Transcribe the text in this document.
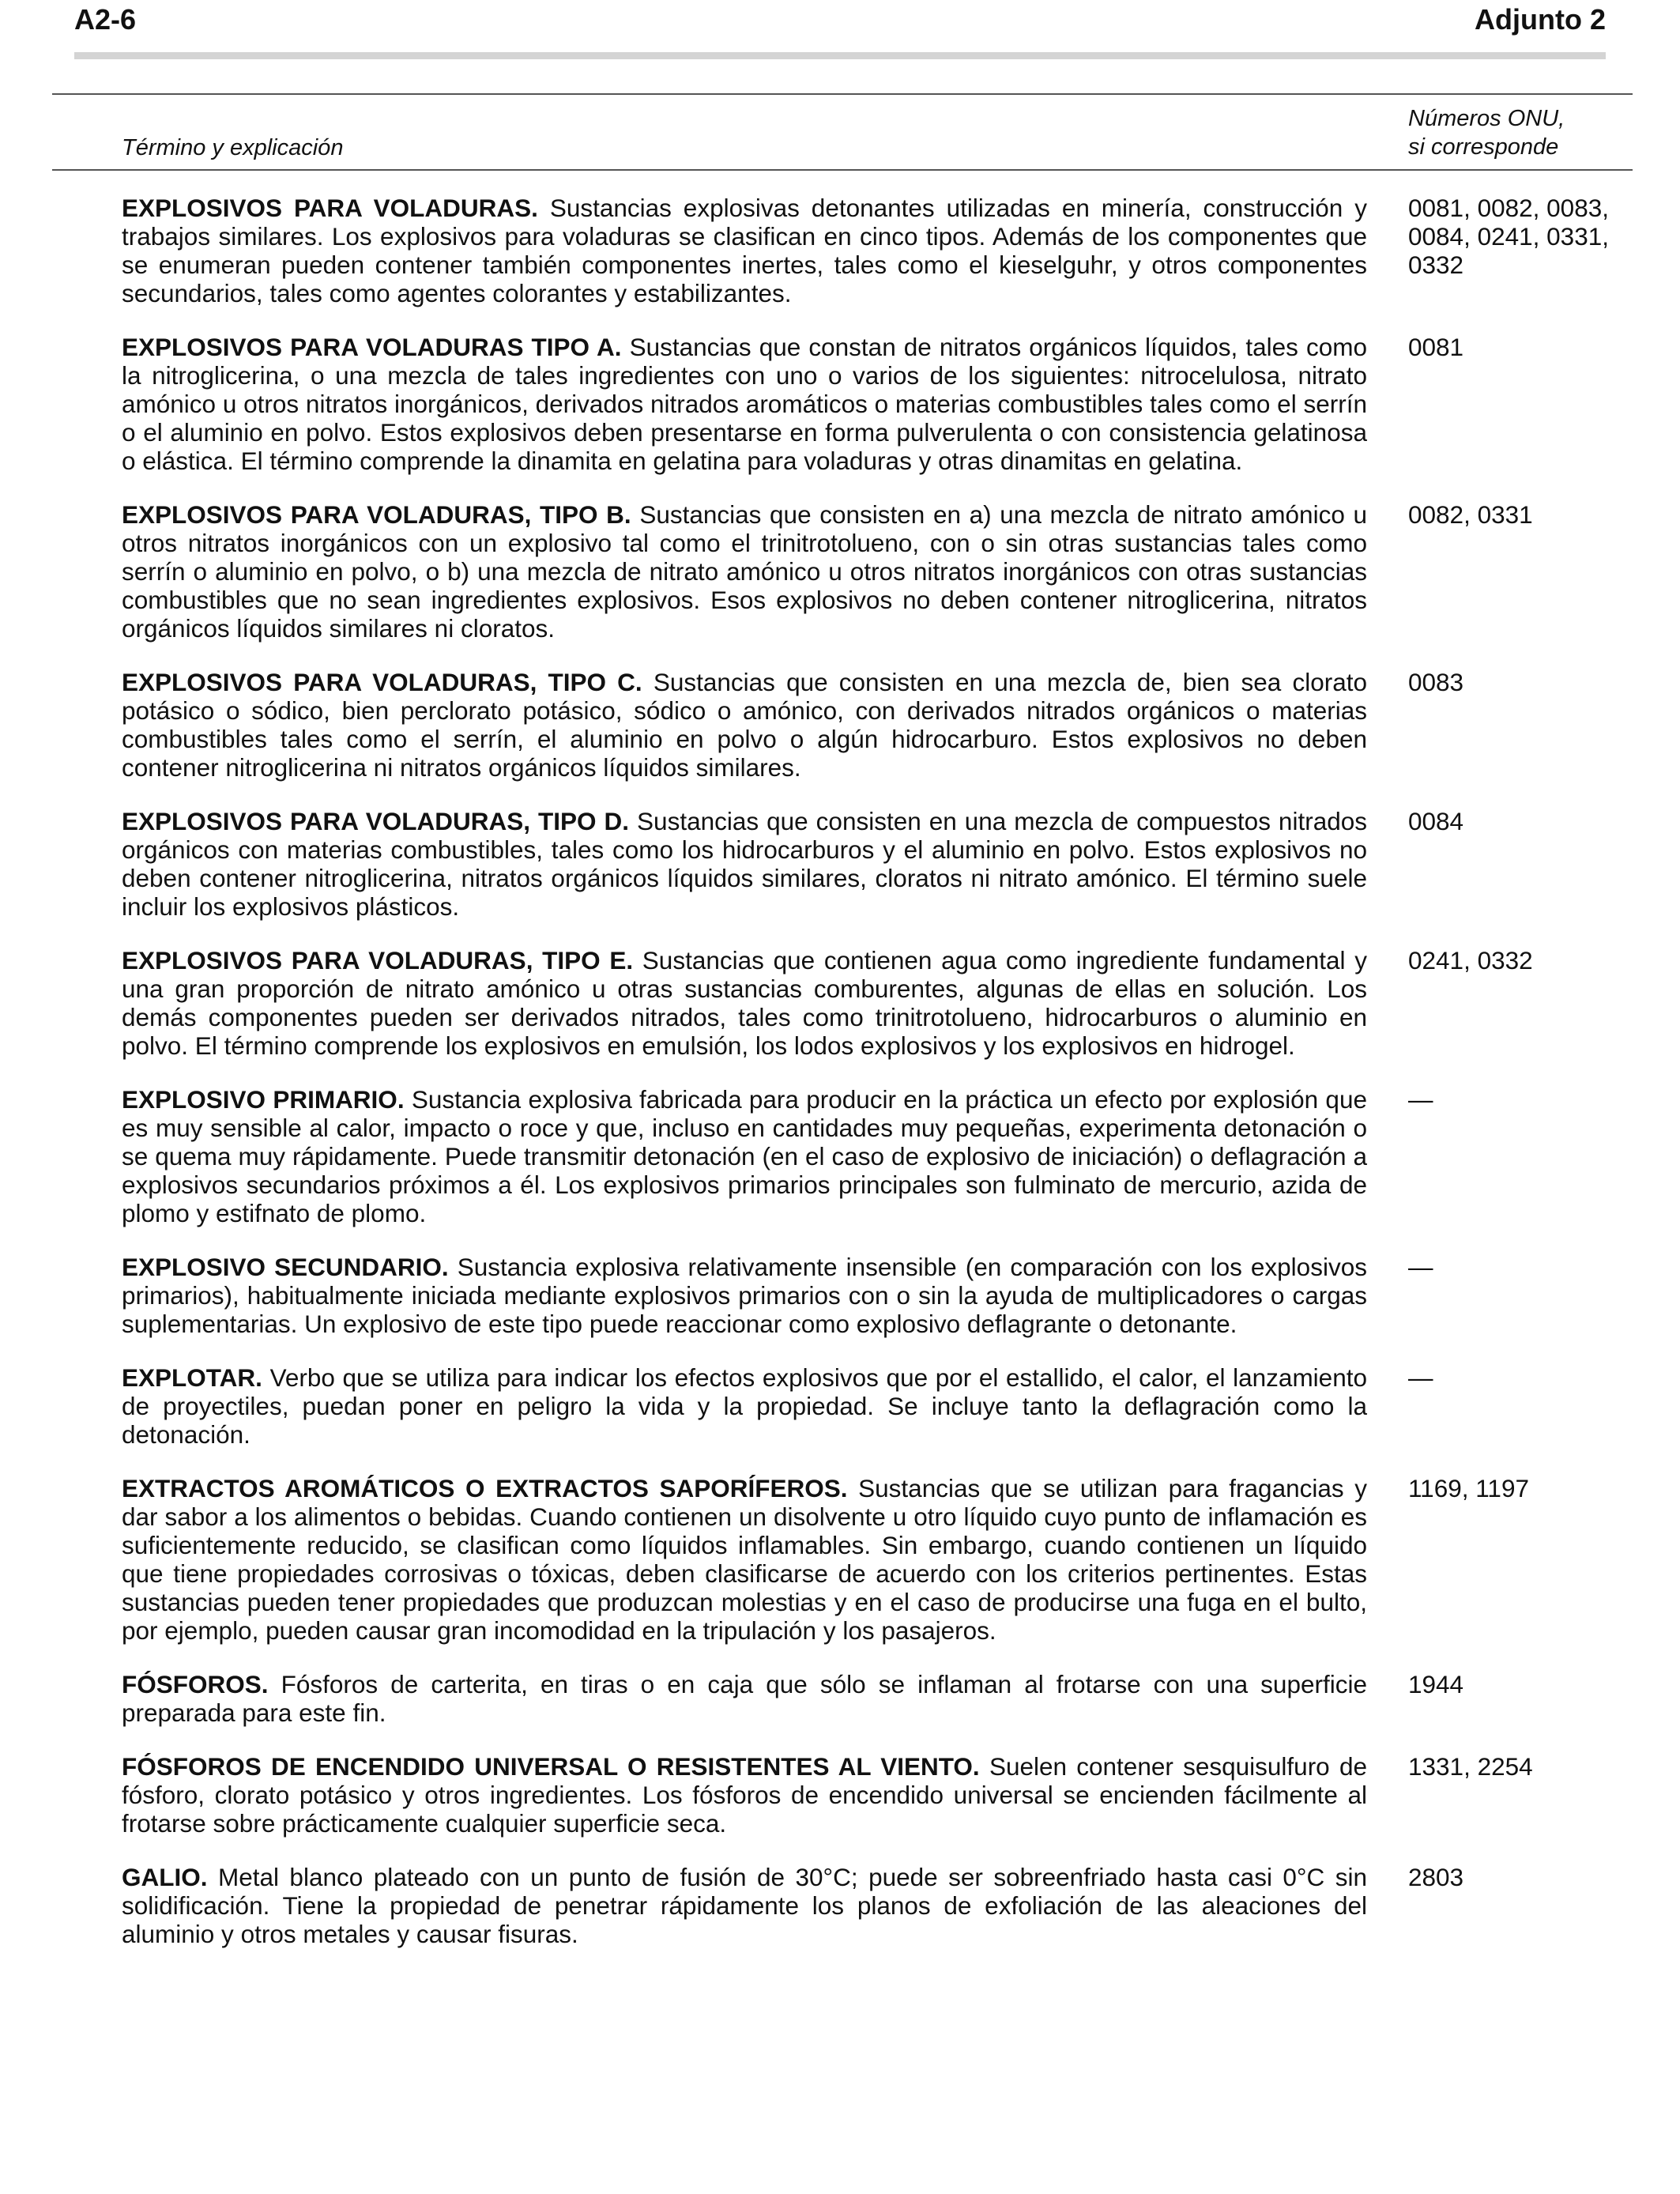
A2-6	Adjunto 2
Término y explicación
Números ONU,
si corresponde
EXPLOSIVOS PARA VOLADURAS. Sustancias explosivas detonantes utilizadas en minería, construcción y trabajos similares. Los explosivos para voladuras se clasifican en cinco tipos. Además de los componentes que se enumeran pueden contener también componentes inertes, tales como el kieselguhr, y otros componentes secundarios, tales como agentes colorantes y estabilizantes.
0081, 0082, 0083, 0084, 0241, 0331, 0332
EXPLOSIVOS PARA VOLADURAS TIPO A. Sustancias que constan de nitratos orgánicos líquidos, tales como la nitroglicerina, o una mezcla de tales ingredientes con uno o varios de los siguientes: nitrocelulosa, nitrato amónico u otros nitratos inorgánicos, derivados nitrados aromáticos o materias combustibles tales como el serrín o el aluminio en polvo. Estos explosivos deben presentarse en forma pulverulenta o con consistencia gelatinosa o elástica. El término comprende la dinamita en gelatina para voladuras y otras dinamitas en gelatina.
0081
EXPLOSIVOS PARA VOLADURAS, TIPO B. Sustancias que consisten en a) una mezcla de nitrato amónico u otros nitratos inorgánicos con un explosivo tal como el trinitrotolueno, con o sin otras sustancias tales como serrín o aluminio en polvo, o b) una mezcla de nitrato amónico u otros nitratos inorgánicos con otras sustancias combustibles que no sean ingredientes explosivos. Esos explosivos no deben contener nitroglicerina, nitratos orgánicos líquidos similares ni cloratos.
0082, 0331
EXPLOSIVOS PARA VOLADURAS, TIPO C. Sustancias que consisten en una mezcla de, bien sea clorato potásico o sódico, bien perclorato potásico, sódico o amónico, con derivados nitrados orgánicos o materias combustibles tales como el serrín, el aluminio en polvo o algún hidrocarburo. Estos explosivos no deben contener nitroglicerina ni nitratos orgánicos líquidos similares.
0083
EXPLOSIVOS PARA VOLADURAS, TIPO D. Sustancias que consisten en una mezcla de compuestos nitrados orgánicos con materias combustibles, tales como los hidrocarburos y el aluminio en polvo. Estos explosivos no deben contener nitroglicerina, nitratos orgánicos líquidos similares, cloratos ni nitrato amónico. El término suele incluir los explosivos plásticos.
0084
EXPLOSIVOS PARA VOLADURAS, TIPO E. Sustancias que contienen agua como ingrediente fundamental y una gran proporción de nitrato amónico u otras sustancias comburentes, algunas de ellas en solución. Los demás componentes pueden ser derivados nitrados, tales como trinitrotolueno, hidrocarburos o aluminio en polvo. El término comprende los explosivos en emulsión, los lodos explosivos y los explosivos en hidrogel.
0241, 0332
EXPLOSIVO PRIMARIO. Sustancia explosiva fabricada para producir en la práctica un efecto por explosión que es muy sensible al calor, impacto o roce y que, incluso en cantidades muy pequeñas, experimenta detonación o se quema muy rápidamente. Puede transmitir detonación (en el caso de explosivo de iniciación) o deflagración a explosivos secundarios próximos a él. Los explosivos primarios principales son fulminato de mercurio, azida de plomo y estifnato de plomo.
—
EXPLOSIVO SECUNDARIO. Sustancia explosiva relativamente insensible (en comparación con los explosivos primarios), habitualmente iniciada mediante explosivos primarios con o sin la ayuda de multiplicadores o cargas suplementarias. Un explosivo de este tipo puede reaccionar como explosivo deflagrante o detonante.
—
EXPLOTAR. Verbo que se utiliza para indicar los efectos explosivos que por el estallido, el calor, el lanzamiento de proyectiles, puedan poner en peligro la vida y la propiedad. Se incluye tanto la deflagración como la detonación.
—
EXTRACTOS AROMÁTICOS O EXTRACTOS SAPORÍFEROS. Sustancias que se utilizan para fragancias y dar sabor a los alimentos o bebidas. Cuando contienen un disolvente u otro líquido cuyo punto de inflamación es suficientemente reducido, se clasifican como líquidos inflamables. Sin embargo, cuando contienen un líquido que tiene propiedades corrosivas o tóxicas, deben clasificarse de acuerdo con los criterios pertinentes. Estas sustancias pueden tener propiedades que produzcan molestias y en el caso de producirse una fuga en el bulto, por ejemplo, pueden causar gran incomodidad en la tripulación y los pasajeros.
1169, 1197
FÓSFOROS. Fósforos de carterita, en tiras o en caja que sólo se inflaman al frotarse con una superficie preparada para este fin.
1944
FÓSFOROS DE ENCENDIDO UNIVERSAL O RESISTENTES AL VIENTO. Suelen contener sesquisulfuro de fósforo, clorato potásico y otros ingredientes. Los fósforos de encendido universal se encienden fácilmente al frotarse sobre prácticamente cualquier superficie seca.
1331, 2254
GALIO. Metal blanco plateado con un punto de fusión de 30°C; puede ser sobreenfriado hasta casi 0°C sin solidificación. Tiene la propiedad de penetrar rápidamente los planos de exfoliación de las aleaciones del aluminio y otros metales y causar fisuras.
2803
